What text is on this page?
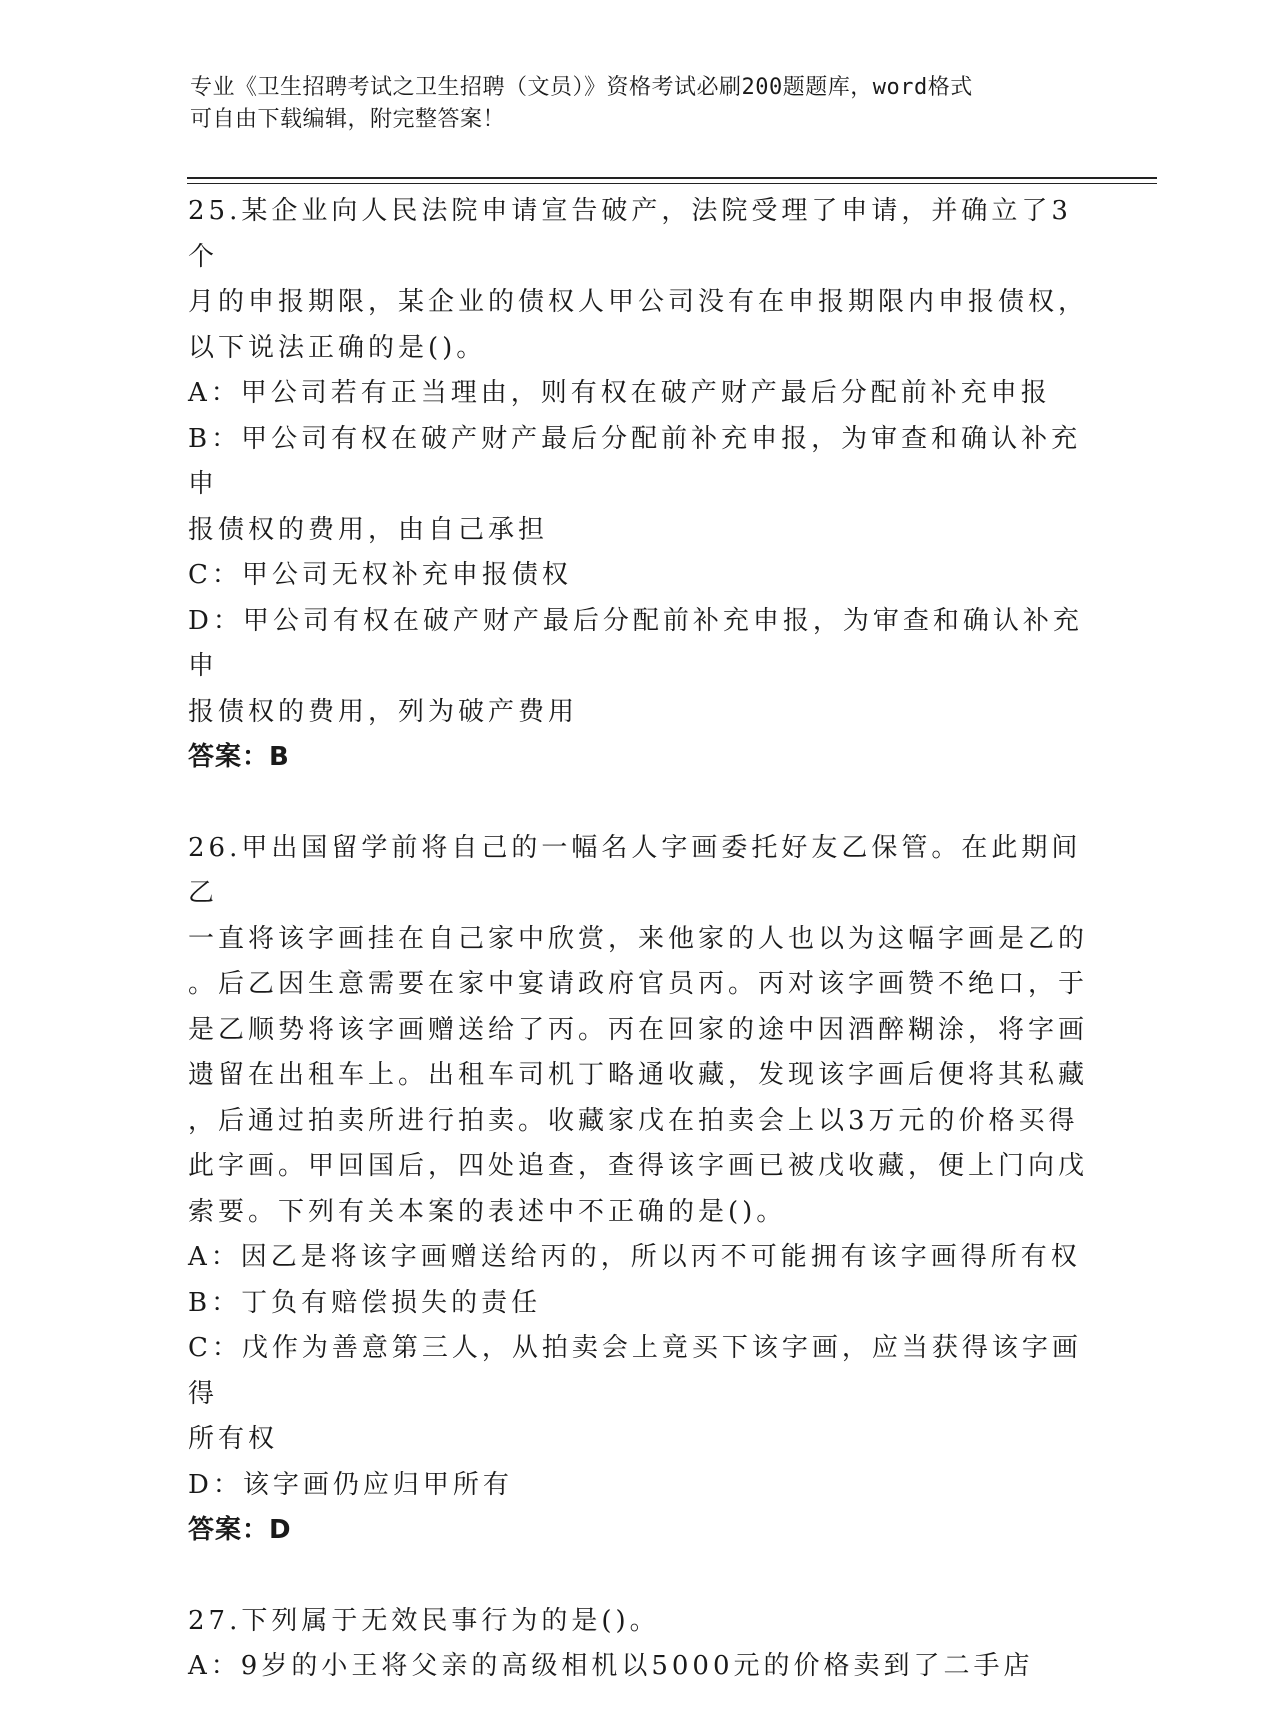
专业《卫生招聘考试之卫生招聘（文员）》资格考试必刷200题题库，word格式
可自由下载编辑，附完整答案！
25.某企业向人民法院申请宣告破产，法院受理了申请，并确立了3个
月的申报期限，某企业的债权人甲公司没有在申报期限内申报债权，
以下说法正确的是()。
A：甲公司若有正当理由，则有权在破产财产最后分配前补充申报
B：甲公司有权在破产财产最后分配前补充申报，为审查和确认补充申
报债权的费用，由自己承担
C：甲公司无权补充申报债权
D：甲公司有权在破产财产最后分配前补充申报，为审查和确认补充申
报债权的费用，列为破产费用
答案：B
26.甲出国留学前将自己的一幅名人字画委托好友乙保管。在此期间乙
一直将该字画挂在自己家中欣赏，来他家的人也以为这幅字画是乙的
。后乙因生意需要在家中宴请政府官员丙。丙对该字画赞不绝口，于
是乙顺势将该字画赠送给了丙。丙在回家的途中因酒醉糊涂，将字画
遗留在出租车上。出租车司机丁略通收藏，发现该字画后便将其私藏
，后通过拍卖所进行拍卖。收藏家戊在拍卖会上以3万元的价格买得
此字画。甲回国后，四处追查，查得该字画已被戊收藏，便上门向戊
索要。下列有关本案的表述中不正确的是()。
A：因乙是将该字画赠送给丙的，所以丙不可能拥有该字画得所有权
B：丁负有赔偿损失的责任
C：戊作为善意第三人，从拍卖会上竟买下该字画，应当获得该字画得
所有权
D：该字画仍应归甲所有
答案：D
27.下列属于无效民事行为的是()。
A：9岁的小王将父亲的高级相机以5000元的价格卖到了二手店
